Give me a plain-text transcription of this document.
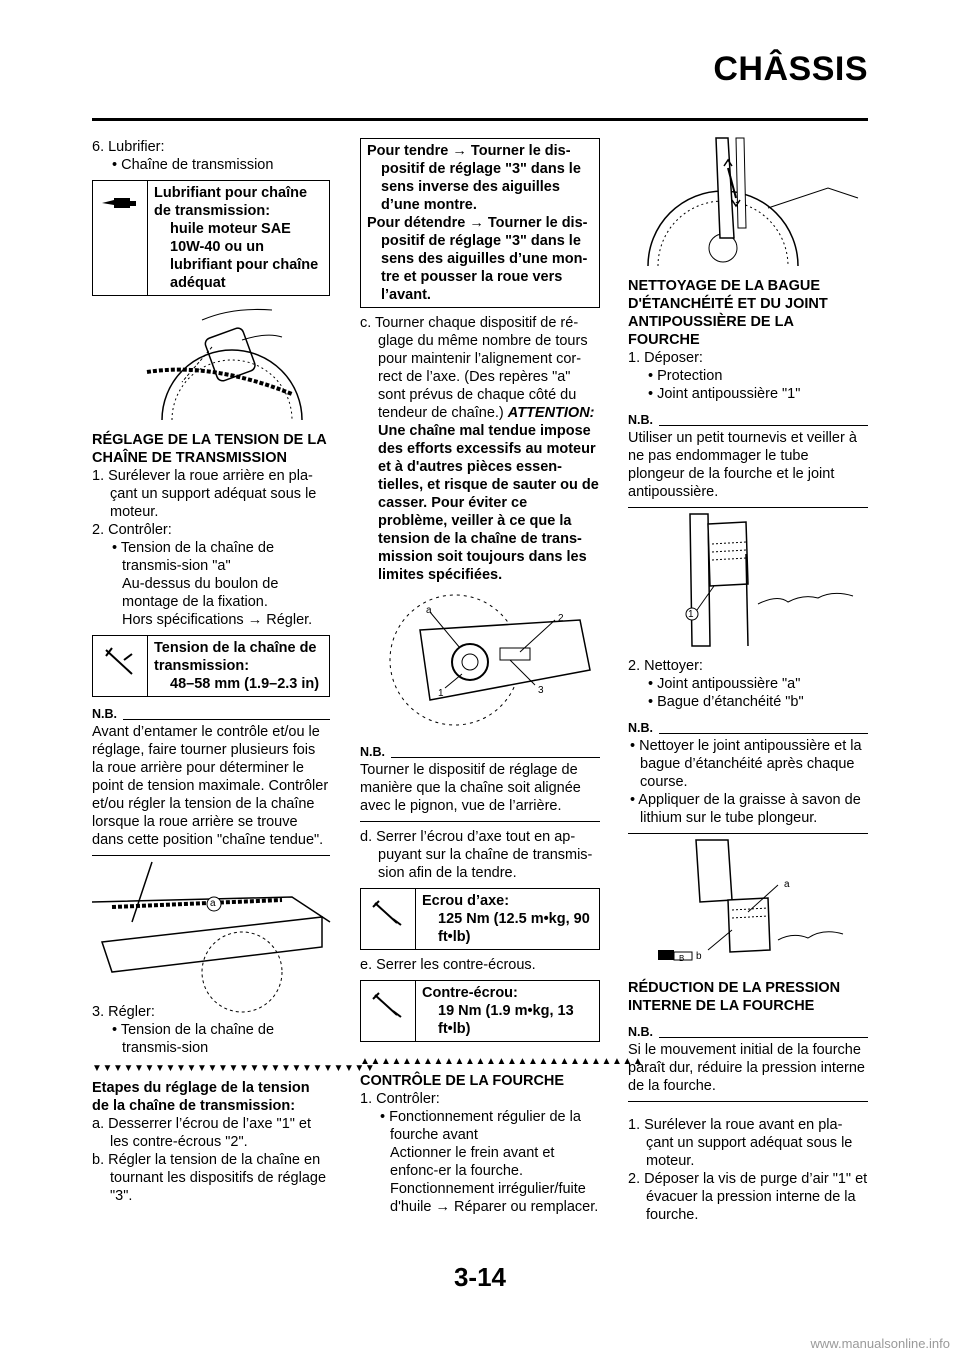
CHÂSSIS

6. Lubrifier:

• Chaîne de transmission

Lubrifiant pour chaîne de transmission:
huile moteur SAE 10W-40 ou un lubrifiant pour chaîne adéquat

RÉGLAGE DE LA TENSION DE LA CHAÎNE DE TRANSMISSION

1. Surélever la roue arrière en pla-çant un support adéquat sous le moteur.

2. Contrôler:

• Tension de la chaîne de transmis-sion "a"

Au-dessus du boulon de montage de la fixation.

Hors spécifications → Régler.

Tension de la chaîne de transmission:
48–58 mm (1.9–2.3 in)
N.B.

Avant d’entamer le contrôle et/ou le réglage, faire tourner plusieurs fois la roue arrière pour déterminer le point de tension maximale. Contrôler et/ou régler la tension de la chaîne lorsque la roue arrière se trouve dans cette position "chaîne tendue".

a

3. Régler:

• Tension de la chaîne de transmis-sion

▼▼▼▼▼▼▼▼▼▼▼▼▼▼▼▼▼▼▼▼▼▼▼▼▼▼▼

Etapes du réglage de la tension de la chaîne de transmission:

a. Desserrer l’écrou de l’axe "1" et les contre-écrous "2".

b. Régler la tension de la chaîne en tournant les dispositifs de réglage "3".

Pour tendre → Tourner le dis-positif de réglage "3" dans le sens inverse des aiguilles d’une montre.

Pour détendre → Tourner le dis-positif de réglage "3" dans le sens des aiguilles d’une mon-tre et pousser la roue vers l’avant.

c. Tourner chaque dispositif de ré-glage du même nombre de tours pour maintenir l’alignement cor-rect de l’axe. (Des repères "a" sont prévus de chaque côté du tendeur de chaîne.) ATTENTION: Une chaîne mal tendue impose des efforts excessifs au moteur et à d'autres pièces essen-tielles, et risque de sauter ou de casser. Pour éviter ce problème, veiller à ce que la tension de la chaîne de trans-mission soit toujours dans les limites spécifiées.

a
2
3
1
N.B.

Tourner le dispositif de réglage de manière que la chaîne soit alignée avec le pignon, vue de l’arrière.

d. Serrer l’écrou d’axe tout en ap-puyant sur la chaîne de transmis-sion afin de la tendre.

Ecrou d’axe:
125 Nm (12.5 m•kg, 90 ft•lb)

e. Serrer les contre-écrous.

Contre-écrou:
19 Nm (1.9 m•kg, 13 ft•lb)

▲▲▲▲▲▲▲▲▲▲▲▲▲▲▲▲▲▲▲▲▲▲▲▲▲▲▲

CONTRÔLE DE LA FOURCHE

1. Contrôler:

• Fonctionnement régulier de la fourche avant

Actionner le frein avant et enfonc-er la fourche.

Fonctionnement irrégulier/fuite d'huile → Réparer ou remplacer.

NETTOYAGE DE LA BAGUE D'ÉTANCHÉITÉ ET DU JOINT ANTIPOUSSIÈRE DE LA FOURCHE

1. Déposer:

• Protection

• Joint antipoussière "1"

N.B.

Utiliser un petit tournevis et veiller à ne pas endommager le tube plongeur de la fourche et le joint antipoussière.

1

2. Nettoyer:

• Joint antipoussière "a"

• Bague d’étanchéité "b"

N.B.

• Nettoyer le joint antipoussière et la bague d’étanchéité après chaque course.

• Appliquer de la graisse à savon de lithium sur le tube plongeur.

a
b
B

RÉDUCTION DE LA PRESSION INTERNE DE LA FOURCHE

N.B.

Si le mouvement initial de la fourche paraît dur, réduire la pression interne de la fourche.

1. Surélever la roue avant en pla-çant un support adéquat sous le moteur.

2. Déposer la vis de purge d’air "1" et évacuer la pression interne de la fourche.

3-14
www.manualsonline.info
